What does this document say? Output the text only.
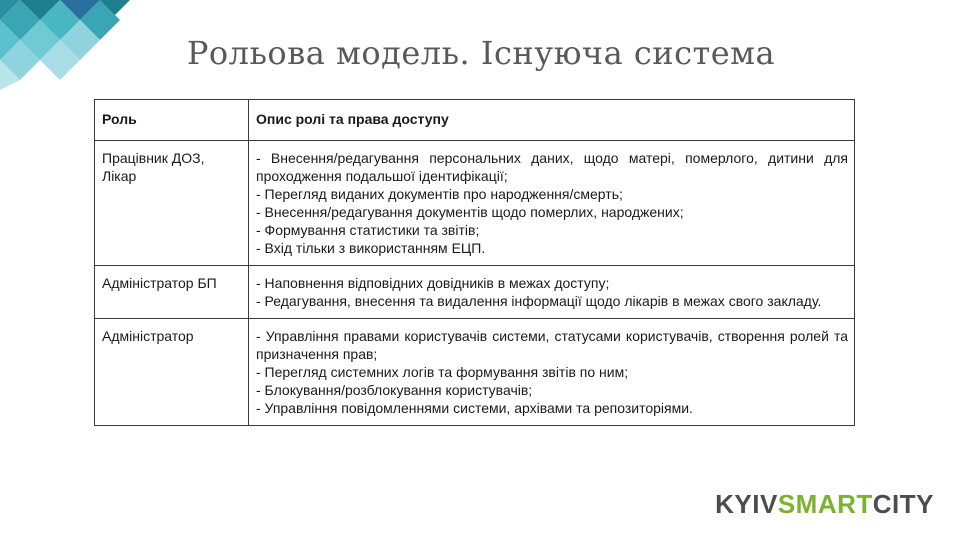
Рольова модель. Існуюча система
Роль	Опис ролі та права доступу
Працівник ДОЗ, Лікар	- Внесення/редагування персональних даних, щодо матері, померлого, дитини для проходження подальшої ідентифікації;
- Перегляд виданих документів про народження/смерть;
- Внесення/редагування документів щодо померлих, народжених;
- Формування статистики та звітів;
- Вхід тільки з використанням ЕЦП.

Адміністратор БП	- Наповнення відповідних довідників в межах доступу;
- Редагування, внесення та видалення інформації щодо лікарів в межах свого закладу.

Адміністратор	- Управління правами користувачів системи, статусами користувачів, створення ролей та призначення прав;
- Перегляд системних логів та формування звітів по ним;
- Блокування/розблокування користувачів;
- Управління повідомленнями системи, архівами та репозиторіями.
KYIVSMARTCITY
